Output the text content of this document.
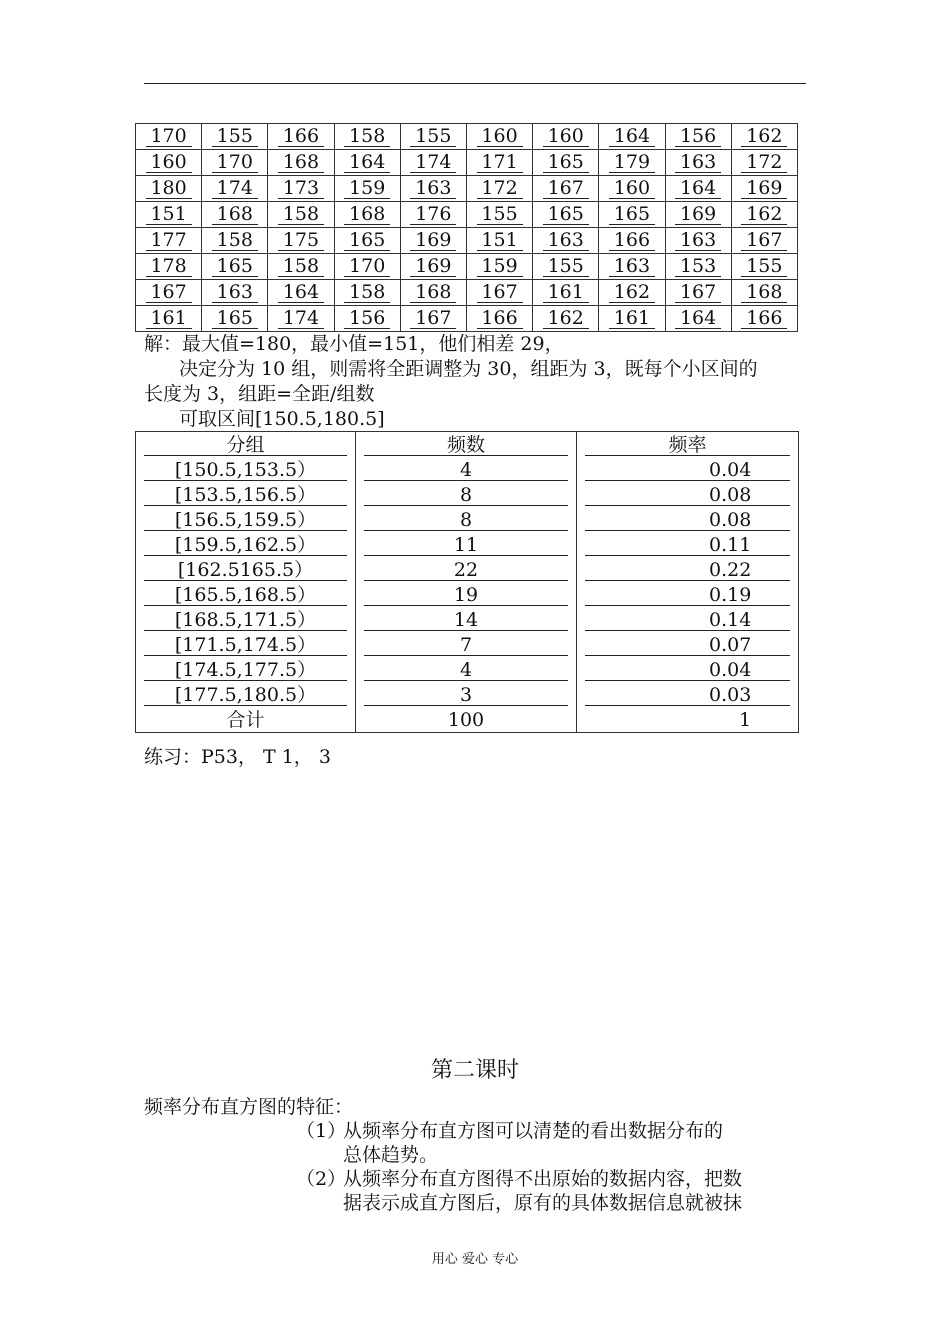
170	155	166	158	155	160	160	164	156	162
160	170	168	164	174	171	165	179	163	172
180	174	173	159	163	172	167	160	164	169
151	168	158	168	176	155	165	165	169	162
177	158	175	165	169	151	163	166	163	167
178	165	158	170	169	159	155	163	153	155
167	163	164	158	168	167	161	162	167	168
161	165	174	156	167	166	162	161	164	166
解：最大值=180，最小值=151，他们相差 29，
决定分为 10 组，则需将全距调整为 30，组距为 3，既每个小区间的
长度为 3，组距=全距/组数
可取区间[150.5,180.5]
分组	频数	频率

[150.5,153.5）	4	0.04

[153.5,156.5）	8	0.08

[156.5,159.5）	8	0.08

[159.5,162.5）	11	0.11

[162.5165.5）	22	0.22

[165.5,168.5）	19	0.19

[168.5,171.5）	14	0.14

[171.5,174.5）	7	0.07

[174.5,177.5）	4	0.04

[177.5,180.5）	3	0.03

合计	100	1
练习：P53， T 1， 3
第二课时
频率分布直方图的特征：
（1）
从频率分布直方图可以清楚的看出数据分布的
总体趋势。
（2）
从频率分布直方图得不出原始的数据内容，把数
据表示成直方图后，原有的具体数据信息就被抹
用心 爱心 专心
